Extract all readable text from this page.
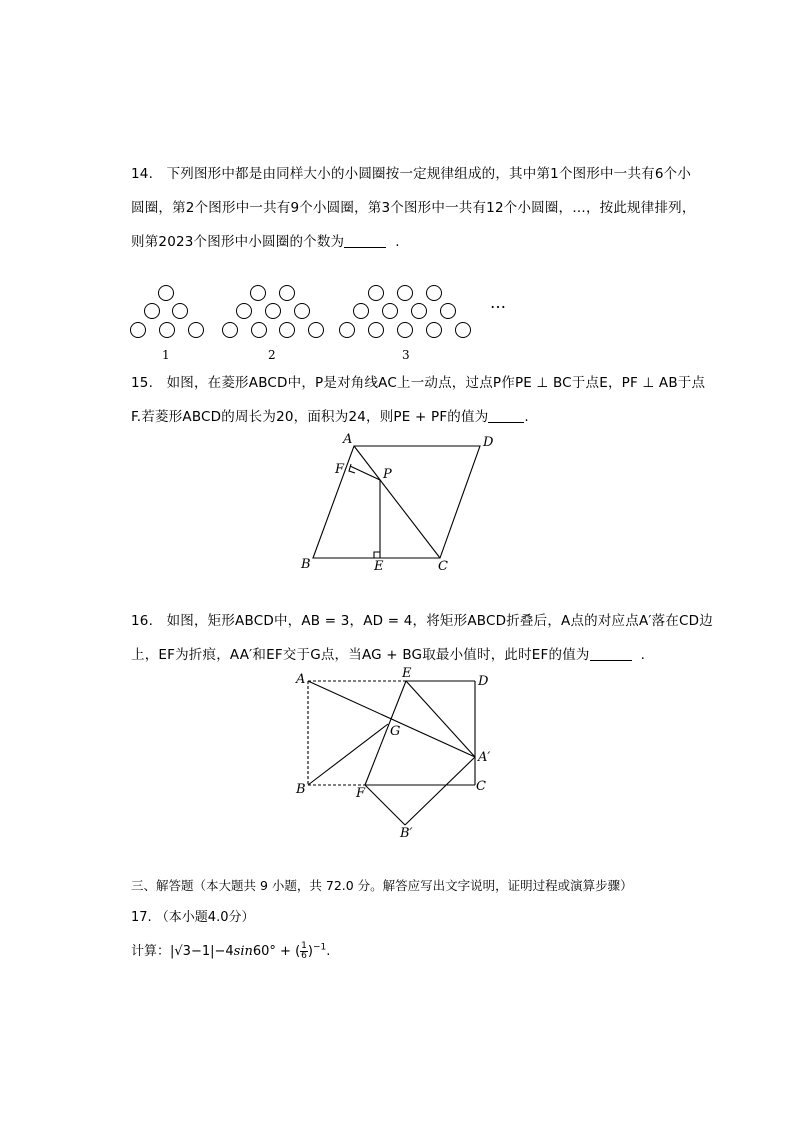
14. 下列图形中都是由同样大小的小圆圈按一定规律组成的，其中第1个图形中一共有6个小
圆圈，第2个图形中一共有9个小圆圈，第3个图形中一共有12个小圆圈，…，按此规律排列，
则第2023个图形中小圆圈的个数为	.
1	2	3
…
15. 如图，在菱形ABCD中，P是对角线AC上一动点，过点P作PE ⊥ BC于点E，PF ⊥ AB于点
F.若菱形ABCD的周长为20，面积为24，则PE + PF的值为	.
A	D
F	P
B	E	C
16. 如图，矩形ABCD中，AB = 3，AD = 4，将矩形ABCD折叠后，A点的对应点A′落在CD边
上，EF为折痕，AA′和EF交于G点，当AG + BG取最小值时，此时EF的值为	.
A	E
D
G
A′
B	F	C
B′
三、解答题（本大题共 9 小题，共 72.0 分。解答应写出文字说明，证明过程或演算步骤）
17. （本小题4.0分）
计算：|√3−1|−4sin60° + ( $\frac{1}{6} )^{-1}$.
